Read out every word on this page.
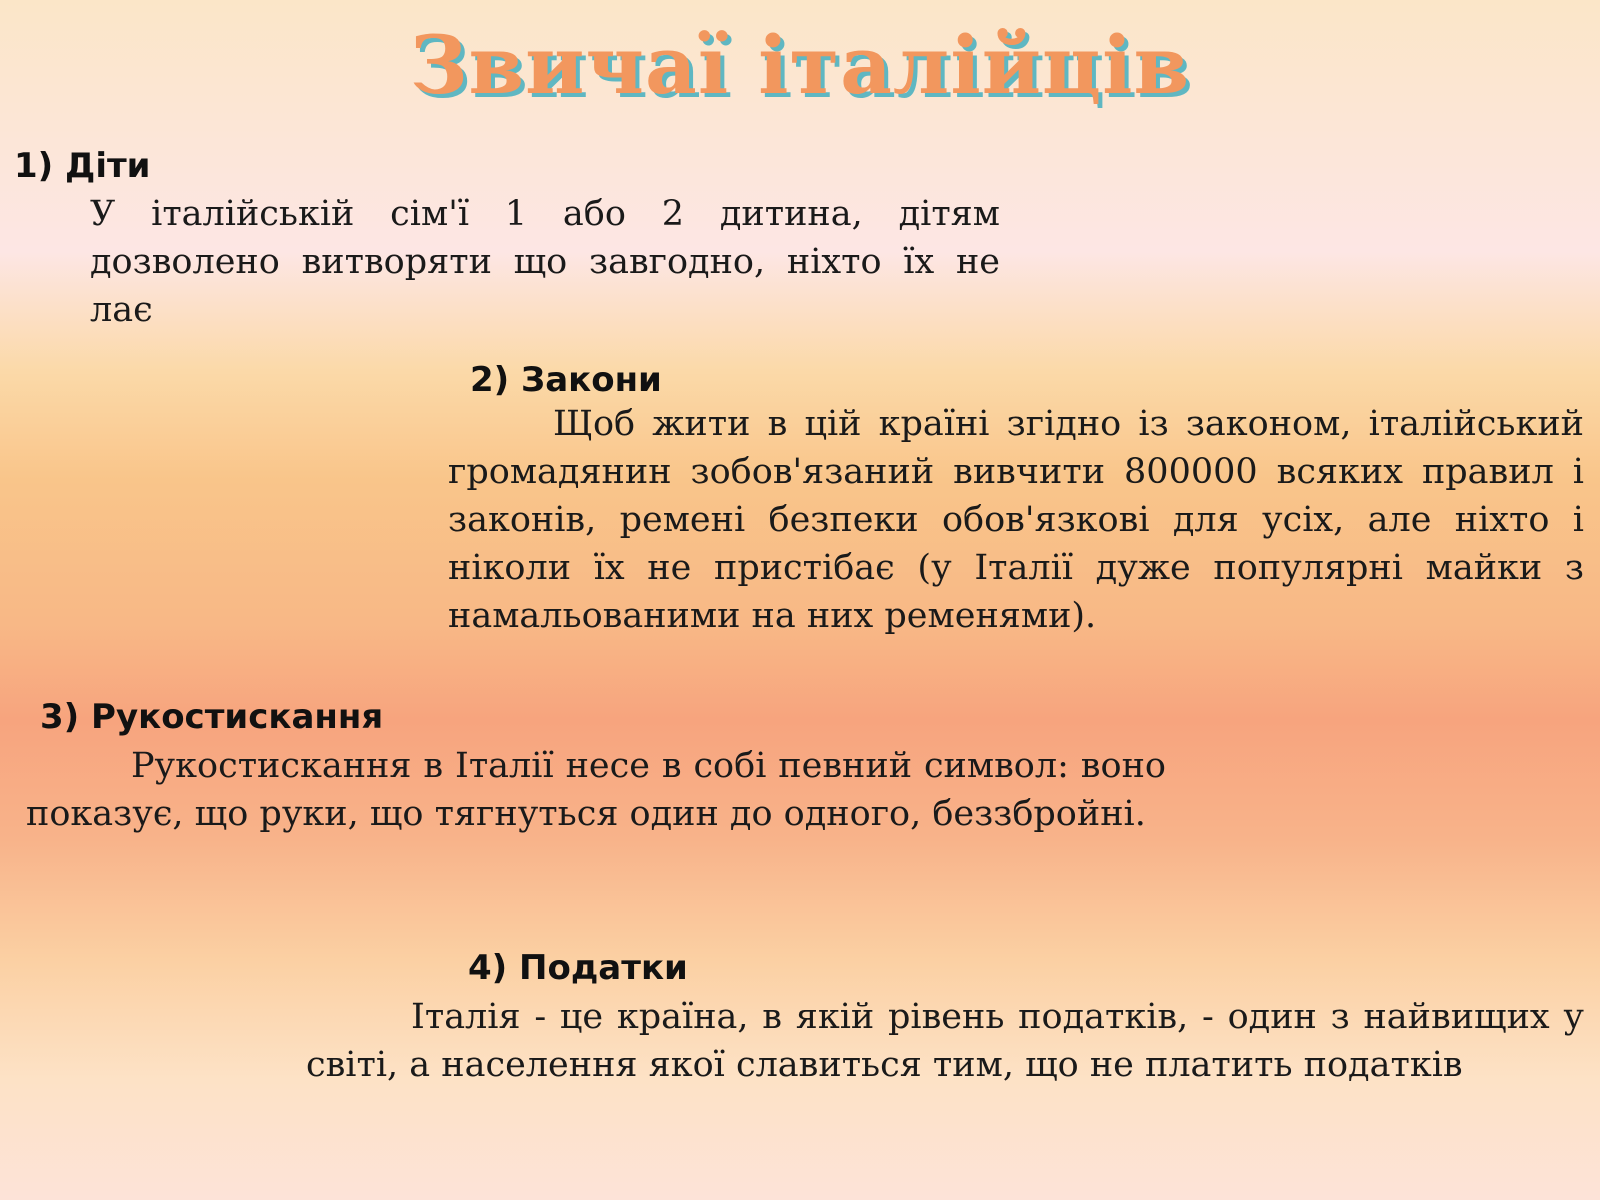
Звичаї італійців
1) Діти

У італійській сім'ї 1 або 2 дитина, дітям дозволено витворяти що завгодно, ніхто їх не лає

2) Закони

Щоб жити в цій країні згідно із законом, італійський громадянин зобов'язаний вивчити 800000 всяких правил і законів, ремені безпеки обов'язкові для усіх, але ніхто і ніколи їх не пристібає (у Італії дуже популярні майки з намальованими на них ременями).

3) Рукостискання

Рукостискання в Італії несе в собі певний символ: воно показує, що руки, що тягнуться один до одного, беззбройні.

4) Податки

Італія - це країна, в якій рівень податків, - один з найвищих у світі, а населення якої славиться тим, що не платить податків
